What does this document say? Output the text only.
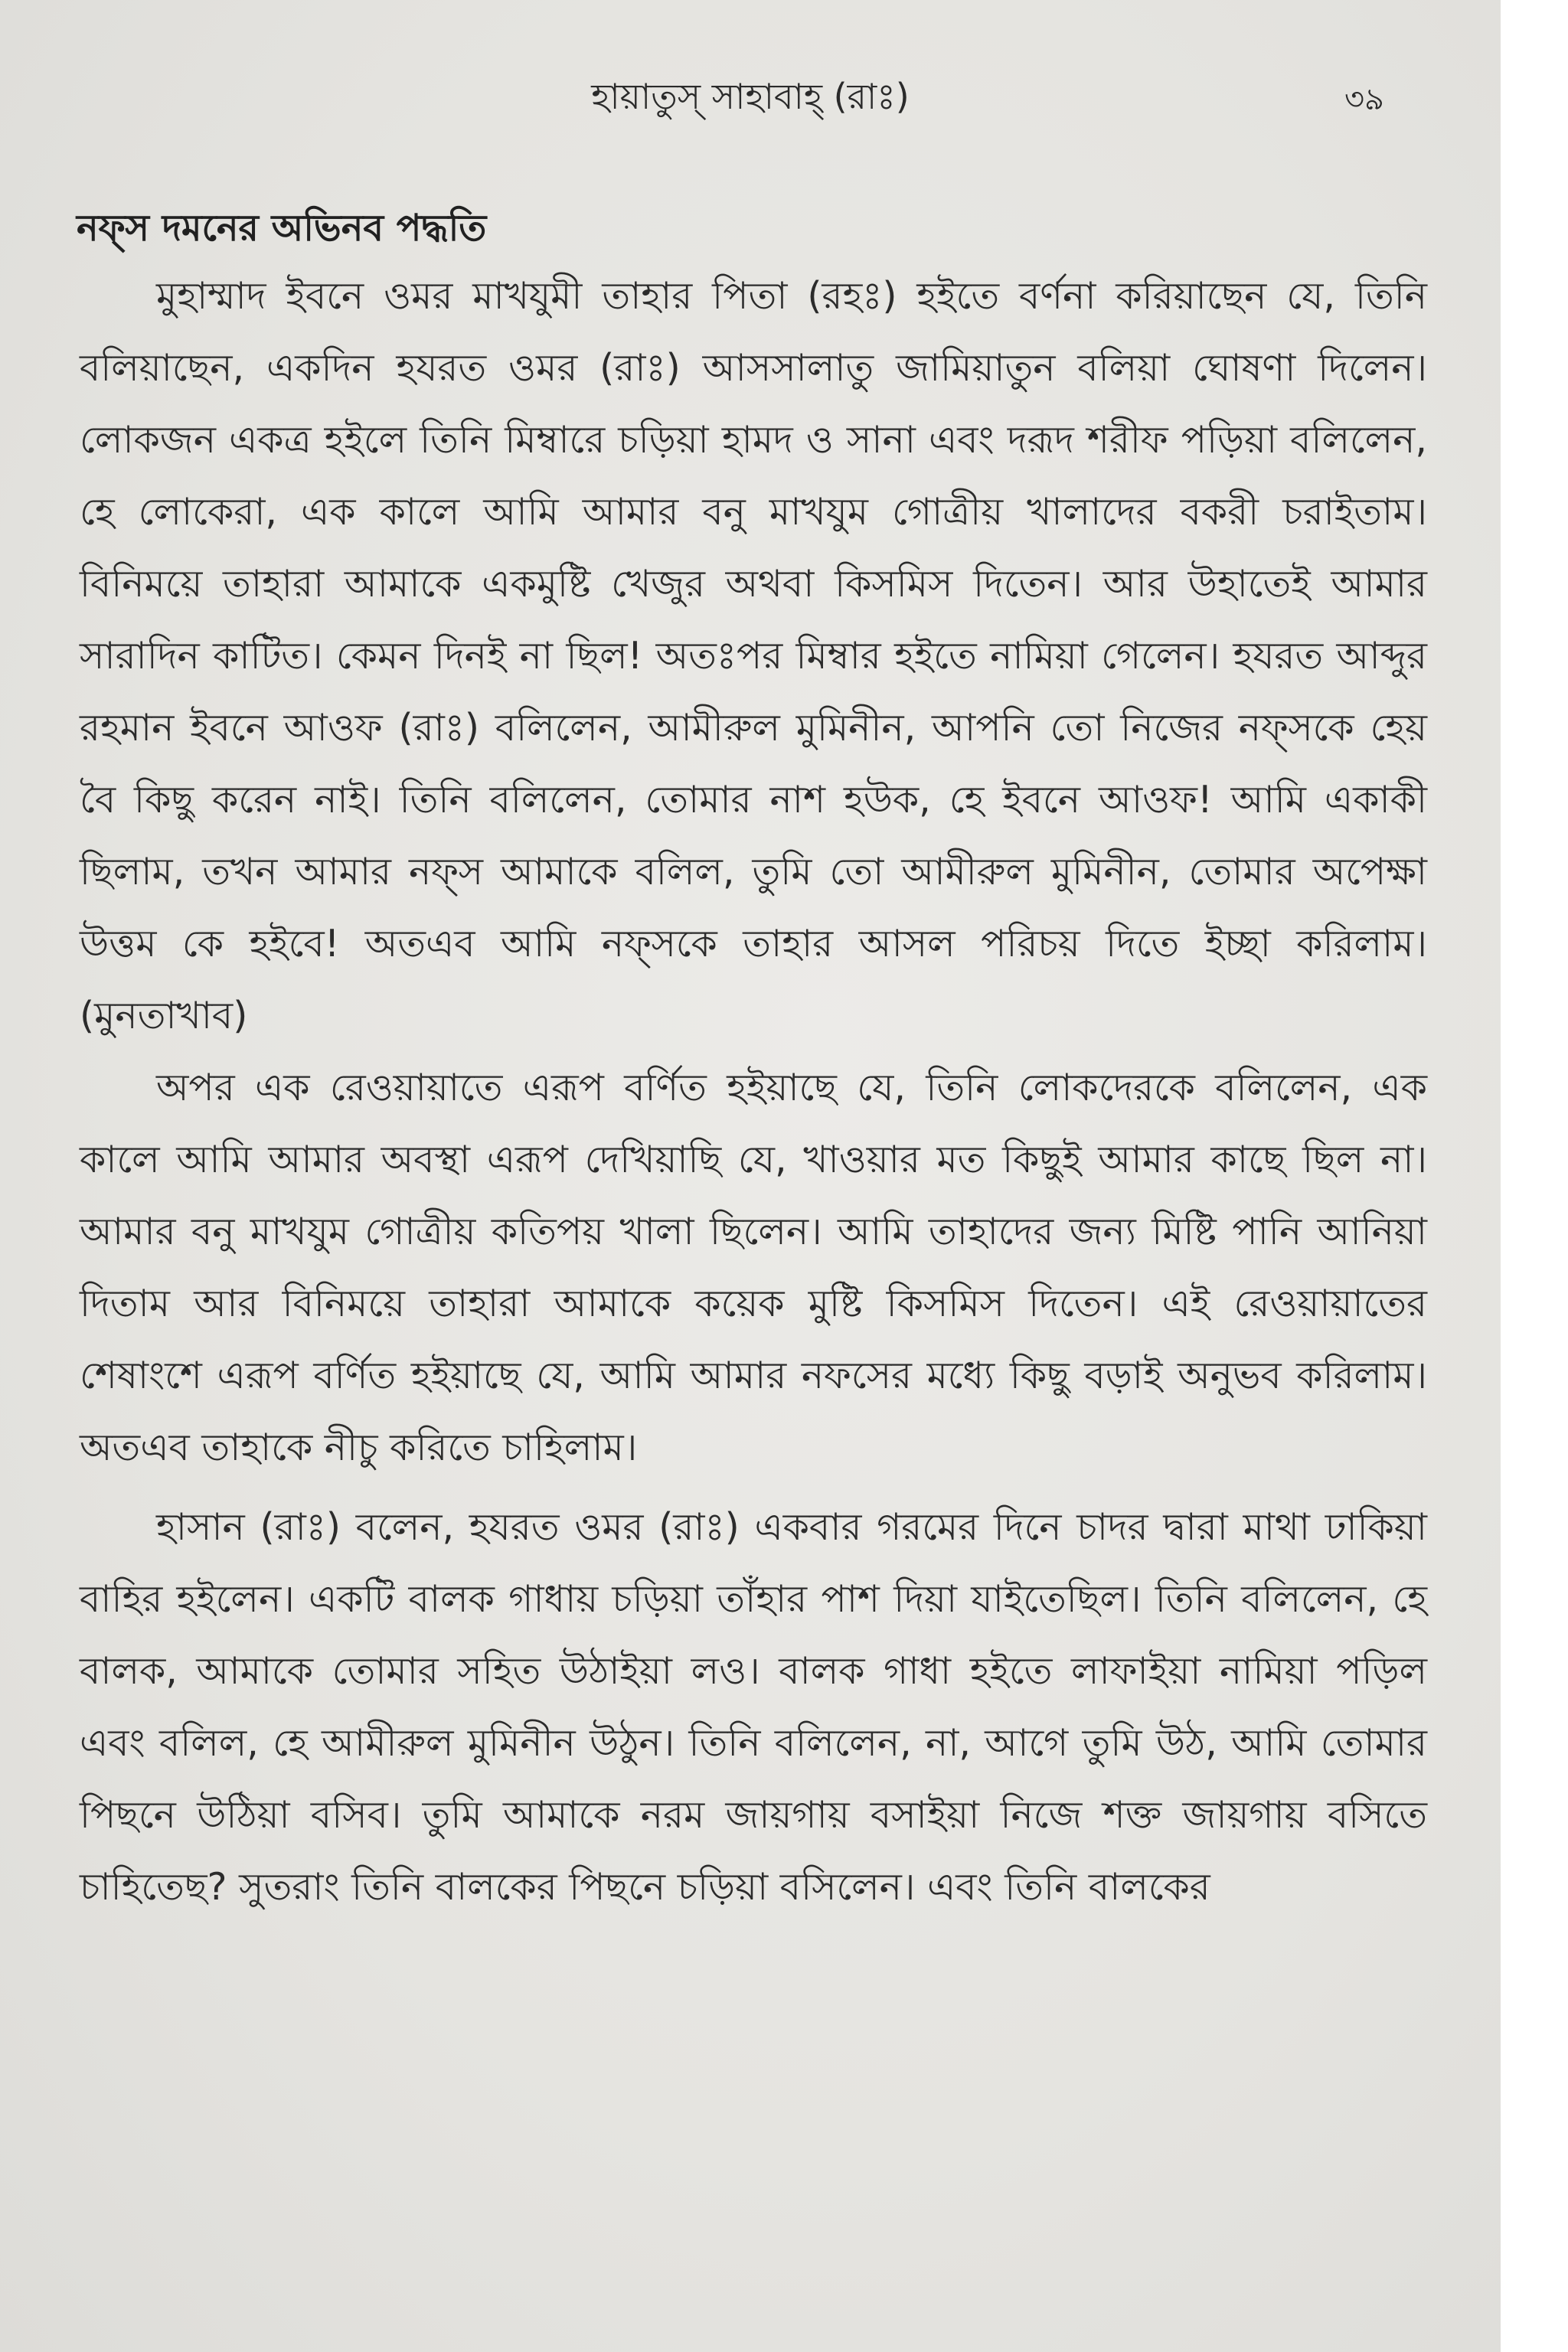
হায়াতুস্‌ সাহাবাহ্‌ (রাঃ)	৩৯
নফ্‌স দমনের অভিনব পদ্ধতি

মুহাম্মাদ ইবনে ওমর মাখযুমী তাহার পিতা (রহঃ) হইতে বর্ণনা করিয়াছেন যে, তিনি বলিয়াছেন, একদিন হযরত ওমর (রাঃ) আসসালাতু জামিয়াতুন বলিয়া ঘোষণা দিলেন। লোকজন একত্র হইলে তিনি মিম্বারে চড়িয়া হামদ ও সানা এবং দরূদ শরীফ পড়িয়া বলিলেন, হে লোকেরা, এক কালে আমি আমার বনু মাখযুম গোত্রীয় খালাদের বকরী চরাইতাম। বিনিময়ে তাহারা আমাকে একমুষ্টি খেজুর অথবা কিসমিস দিতেন। আর উহাতেই আমার সারাদিন কাটিত। কেমন দিনই না ছিল! অতঃপর মিম্বার হইতে নামিয়া গেলেন। হযরত আব্দুর রহমান ইবনে আওফ (রাঃ) বলিলেন, আমীরুল মুমিনীন, আপনি তো নিজের নফ্‌সকে হেয় বৈ কিছু করেন নাই। তিনি বলিলেন, তোমার নাশ হউক, হে ইবনে আওফ! আমি একাকী ছিলাম, তখন আমার নফ্‌স আমাকে বলিল, তুমি তো আমীরুল মুমিনীন, তোমার অপেক্ষা উত্তম কে হইবে! অতএব আমি নফ্‌সকে তাহার আসল পরিচয় দিতে ইচ্ছা করিলাম। (মুনতাখাব)

অপর এক রেওয়ায়াতে এরূপ বর্ণিত হইয়াছে যে, তিনি লোকদেরকে বলিলেন, এক কালে আমি আমার অবস্থা এরূপ দেখিয়াছি যে, খাওয়ার মত কিছুই আমার কাছে ছিল না। আমার বনু মাখযুম গোত্রীয় কতিপয় খালা ছিলেন। আমি তাহাদের জন্য মিষ্টি পানি আনিয়া দিতাম আর বিনিময়ে তাহারা আমাকে কয়েক মুষ্টি কিসমিস দিতেন। এই রেওয়ায়াতের শেষাংশে এরূপ বর্ণিত হইয়াছে যে, আমি আমার নফসের মধ্যে কিছু বড়াই অনুভব করিলাম। অতএব তাহাকে নীচু করিতে চাহিলাম।

হাসান (রাঃ) বলেন, হযরত ওমর (রাঃ) একবার গরমের দিনে চাদর দ্বারা মাথা ঢাকিয়া বাহির হইলেন। একটি বালক গাধায় চড়িয়া তাঁহার পাশ দিয়া যাইতেছিল। তিনি বলিলেন, হে বালক, আমাকে তোমার সহিত উঠাইয়া লও। বালক গাধা হইতে লাফাইয়া নামিয়া পড়িল এবং বলিল, হে আমীরুল মুমিনীন উঠুন। তিনি বলিলেন, না, আগে তুমি উঠ, আমি তোমার পিছনে উঠিয়া বসিব। তুমি আমাকে নরম জায়গায় বসাইয়া নিজে শক্ত জায়গায় বসিতে চাহিতেছ? সুতরাং তিনি বালকের পিছনে চড়িয়া বসিলেন। এবং তিনি বালকের
